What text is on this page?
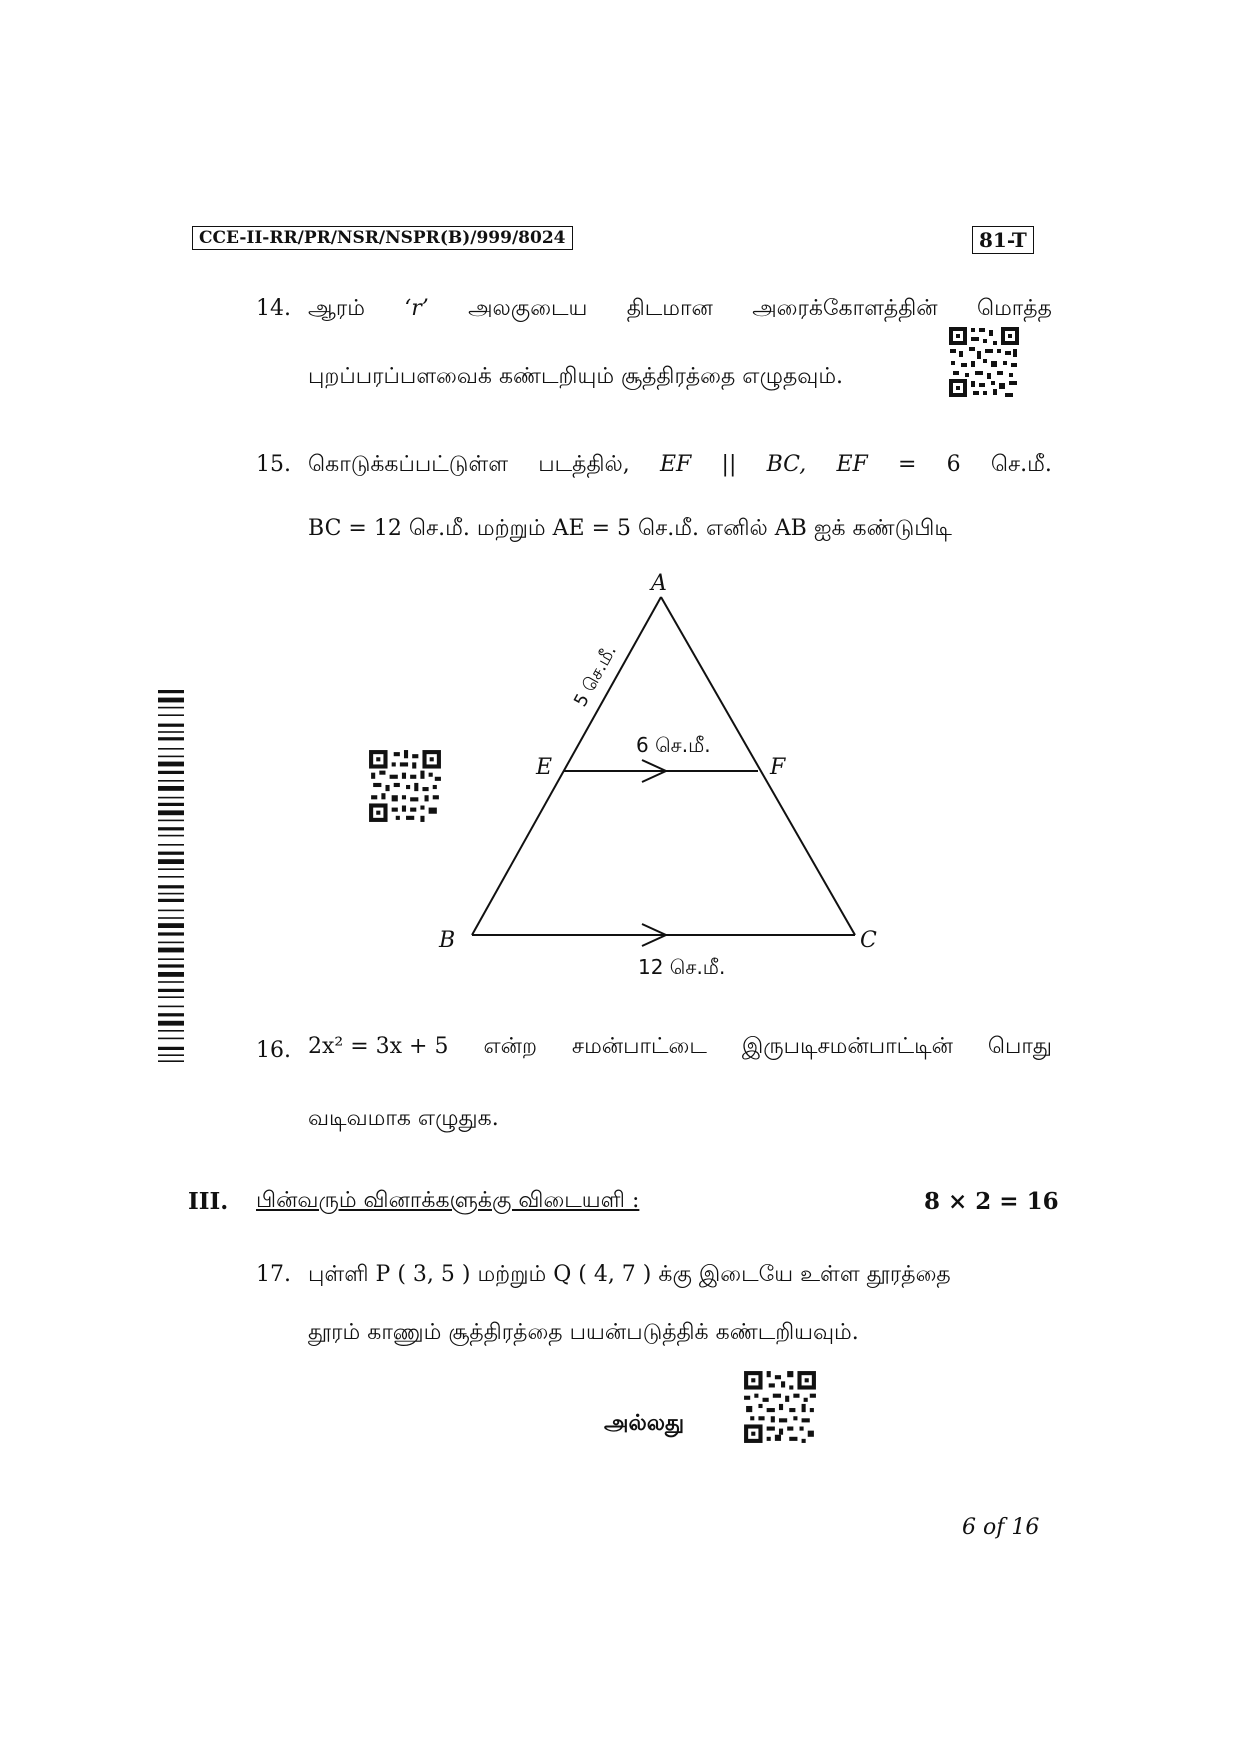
CCE-II-RR/PR/NSR/NSPR(B)/999/8024	81-T
14. ஆரம் ‘r’ அலகுடைய திடமான அரைக்கோளத்தின் மொத்த
புறப்பரப்பளவைக் கண்டறியும் சூத்திரத்தை எழுதவும்.
15. கொடுக்கப்பட்டுள்ள படத்தில், EF || BC, EF = 6 செ.மீ.
BC = 12 செ.மீ. மற்றும் AE = 5 செ.மீ. எனில் AB ஐக் கண்டுபிடி
A
B	C
E	F
6 செ.மீ.
12 செ.மீ.
5 செ.மீ.
16. 2x² = 3x + 5 என்ற சமன்பாட்டை இருபடிசமன்பாட்டின் பொது
வடிவமாக எழுதுக.
III. பின்வரும் வினாக்களுக்கு விடையளி :	8 × 2 = 16
17. புள்ளி P ( 3, 5 ) மற்றும் Q ( 4, 7 ) க்கு இடையே உள்ள தூரத்தை
தூரம் காணும் சூத்திரத்தை பயன்படுத்திக் கண்டறியவும்.
அல்லது
6 of 16
